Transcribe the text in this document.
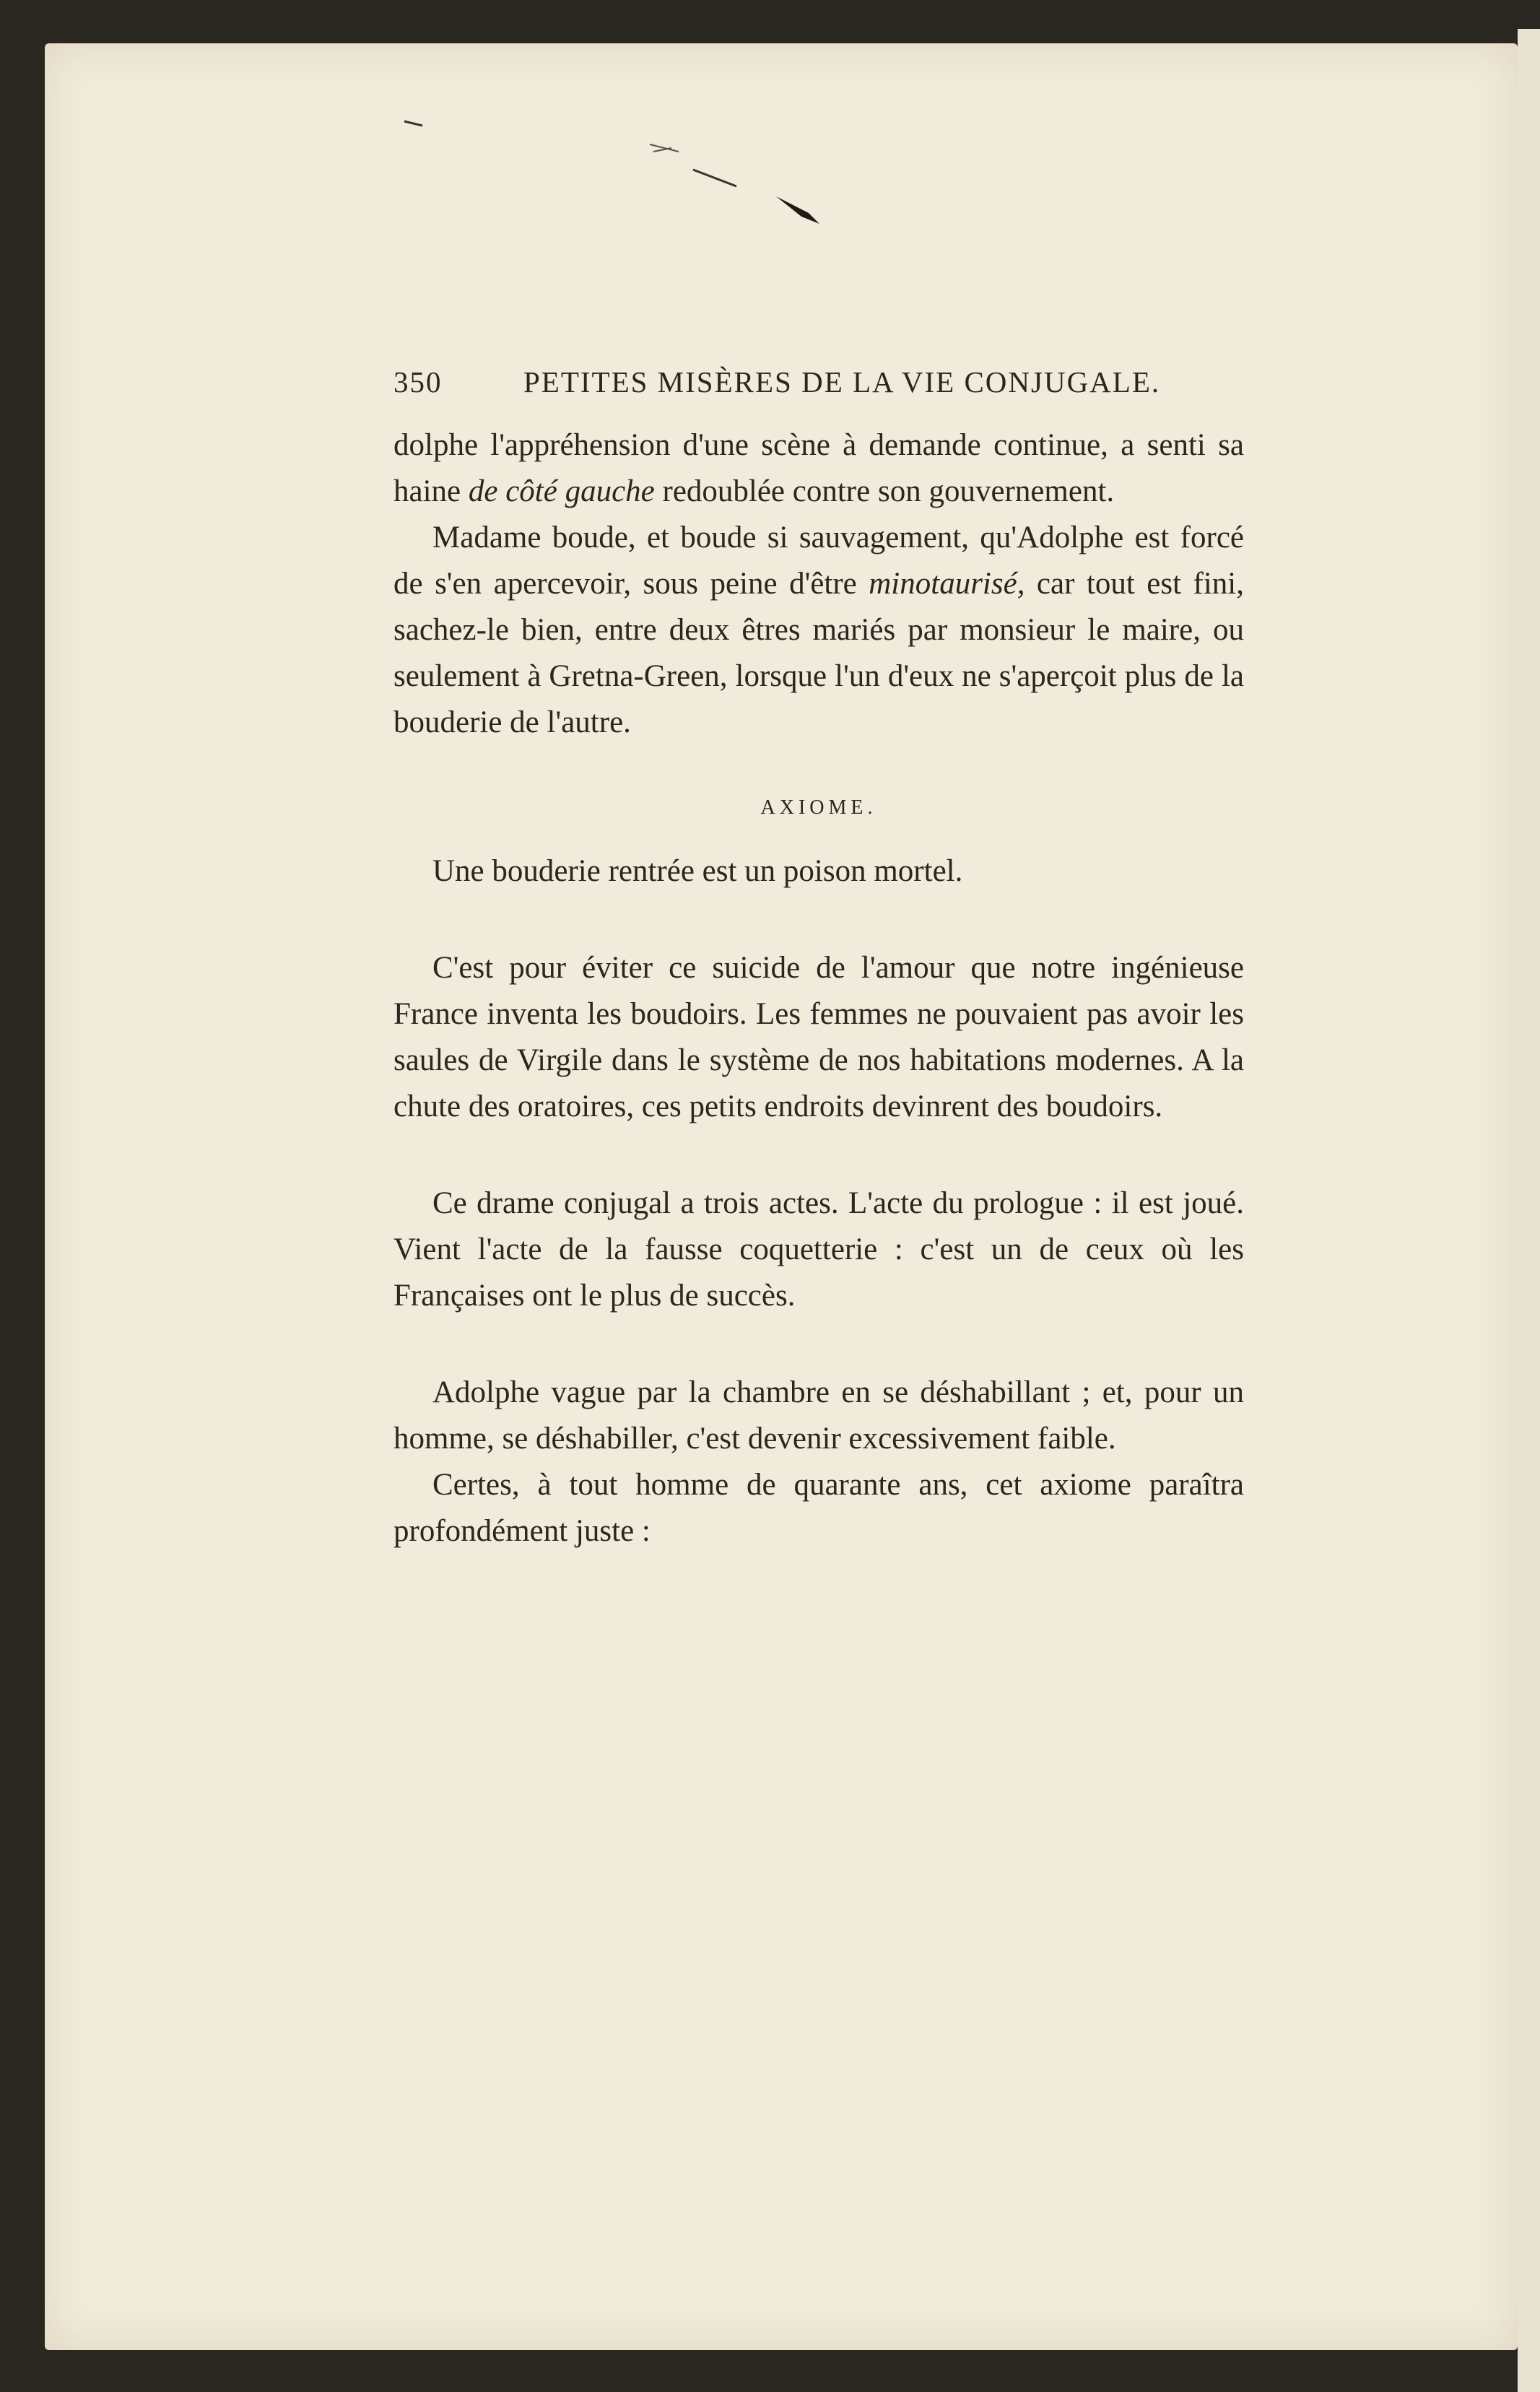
350	PETITES MISÈRES DE LA VIE CONJUGALE.

dolphe l'appréhension d'une scène à demande continue, a senti sa haine de côté gauche redoublée contre son gouvernement.

Madame boude, et boude si sauvagement, qu'Adolphe est forcé de s'en apercevoir, sous peine d'être minotaurisé, car tout est fini, sachez-le bien, entre deux êtres mariés par monsieur le maire, ou seulement à Gretna-Green, lorsque l'un d'eux ne s'aperçoit plus de la bouderie de l'autre.

AXIOME.

Une bouderie rentrée est un poison mortel.

C'est pour éviter ce suicide de l'amour que notre ingénieuse France inventa les boudoirs. Les femmes ne pouvaient pas avoir les saules de Virgile dans le système de nos habitations modernes. A la chute des oratoires, ces petits endroits devinrent des boudoirs.

Ce drame conjugal a trois actes. L'acte du prologue : il est joué. Vient l'acte de la fausse coquetterie : c'est un de ceux où les Françaises ont le plus de succès.

Adolphe vague par la chambre en se déshabillant ; et, pour un homme, se déshabiller, c'est devenir excessivement faible.

Certes, à tout homme de quarante ans, cet axiome paraîtra profondément juste :
